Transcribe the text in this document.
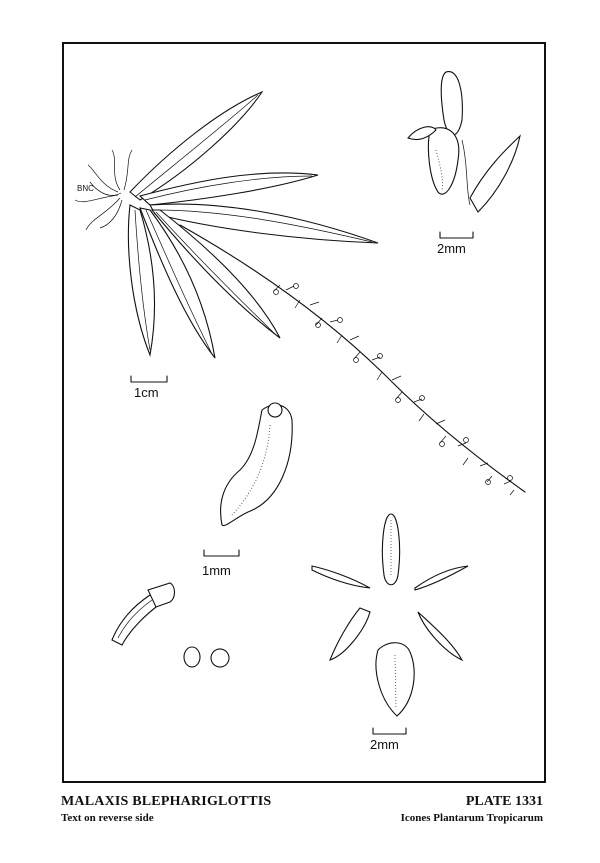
BNC
1cm
2mm
1mm
2mm
MALAXIS BLEPHARIGLOTTIS	PLATE 1331
Text on reverse side	Icones Plantarum Tropicarum
